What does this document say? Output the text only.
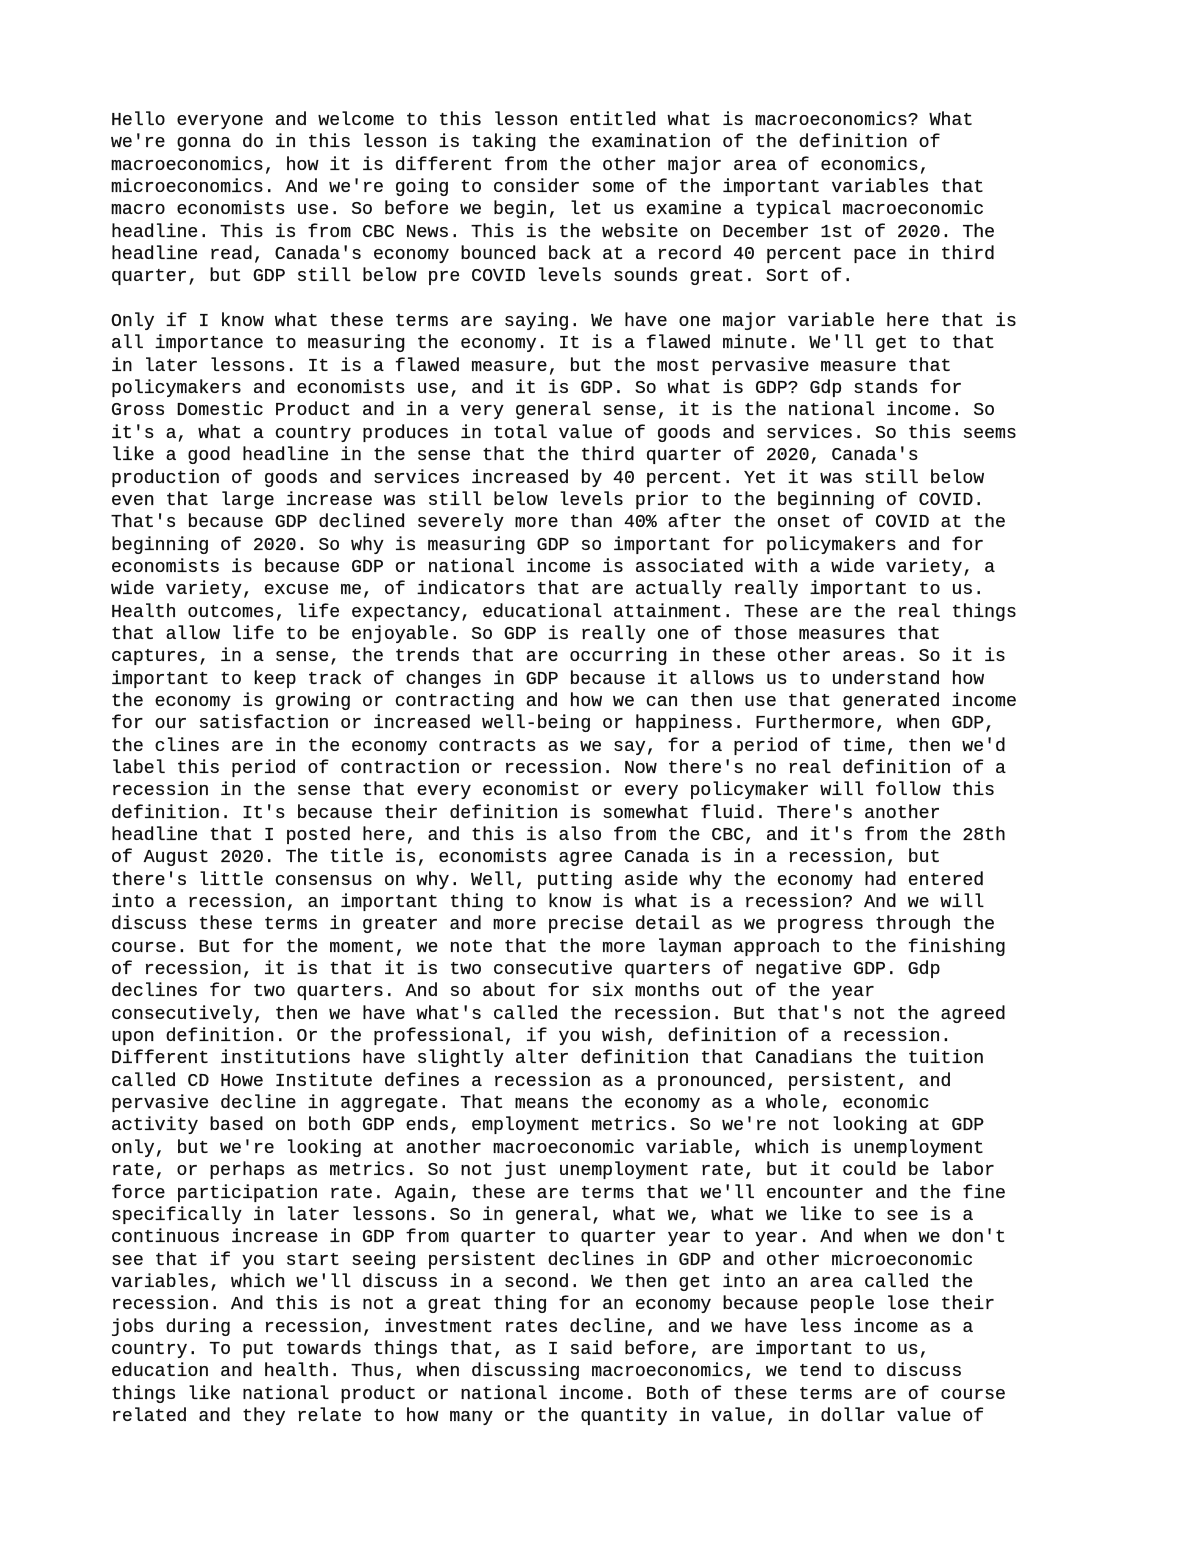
Hello everyone and welcome to this lesson entitled what is macroeconomics? What
we're gonna do in this lesson is taking the examination of the definition of
macroeconomics, how it is different from the other major area of economics,
microeconomics. And we're going to consider some of the important variables that
macro economists use. So before we begin, let us examine a typical macroeconomic
headline. This is from CBC News. This is the website on December 1st of 2020. The
headline read, Canada's economy bounced back at a record 40 percent pace in third
quarter, but GDP still below pre COVID levels sounds great. Sort of.
Only if I know what these terms are saying. We have one major variable here that is
all importance to measuring the economy. It is a flawed minute. We'll get to that
in later lessons. It is a flawed measure, but the most pervasive measure that
policymakers and economists use, and it is GDP. So what is GDP? Gdp stands for
Gross Domestic Product and in a very general sense, it is the national income. So
it's a, what a country produces in total value of goods and services. So this seems
like a good headline in the sense that the third quarter of 2020, Canada's
production of goods and services increased by 40 percent. Yet it was still below
even that large increase was still below levels prior to the beginning of COVID.
That's because GDP declined severely more than 40% after the onset of COVID at the
beginning of 2020. So why is measuring GDP so important for policymakers and for
economists is because GDP or national income is associated with a wide variety, a
wide variety, excuse me, of indicators that are actually really important to us.
Health outcomes, life expectancy, educational attainment. These are the real things
that allow life to be enjoyable. So GDP is really one of those measures that
captures, in a sense, the trends that are occurring in these other areas. So it is
important to keep track of changes in GDP because it allows us to understand how
the economy is growing or contracting and how we can then use that generated income
for our satisfaction or increased well-being or happiness. Furthermore, when GDP,
the clines are in the economy contracts as we say, for a period of time, then we'd
label this period of contraction or recession. Now there's no real definition of a
recession in the sense that every economist or every policymaker will follow this
definition. It's because their definition is somewhat fluid. There's another
headline that I posted here, and this is also from the CBC, and it's from the 28th
of August 2020. The title is, economists agree Canada is in a recession, but
there's little consensus on why. Well, putting aside why the economy had entered
into a recession, an important thing to know is what is a recession? And we will
discuss these terms in greater and more precise detail as we progress through the
course. But for the moment, we note that the more layman approach to the finishing
of recession, it is that it is two consecutive quarters of negative GDP. Gdp
declines for two quarters. And so about for six months out of the year
consecutively, then we have what's called the recession. But that's not the agreed
upon definition. Or the professional, if you wish, definition of a recession.
Different institutions have slightly alter definition that Canadians the tuition
called CD Howe Institute defines a recession as a pronounced, persistent, and
pervasive decline in aggregate. That means the economy as a whole, economic
activity based on both GDP ends, employment metrics. So we're not looking at GDP
only, but we're looking at another macroeconomic variable, which is unemployment
rate, or perhaps as metrics. So not just unemployment rate, but it could be labor
force participation rate. Again, these are terms that we'll encounter and the fine
specifically in later lessons. So in general, what we, what we like to see is a
continuous increase in GDP from quarter to quarter year to year. And when we don't
see that if you start seeing persistent declines in GDP and other microeconomic
variables, which we'll discuss in a second. We then get into an area called the
recession. And this is not a great thing for an economy because people lose their
jobs during a recession, investment rates decline, and we have less income as a
country. To put towards things that, as I said before, are important to us,
education and health. Thus, when discussing macroeconomics, we tend to discuss
things like national product or national income. Both of these terms are of course
related and they relate to how many or the quantity in value, in dollar value of
